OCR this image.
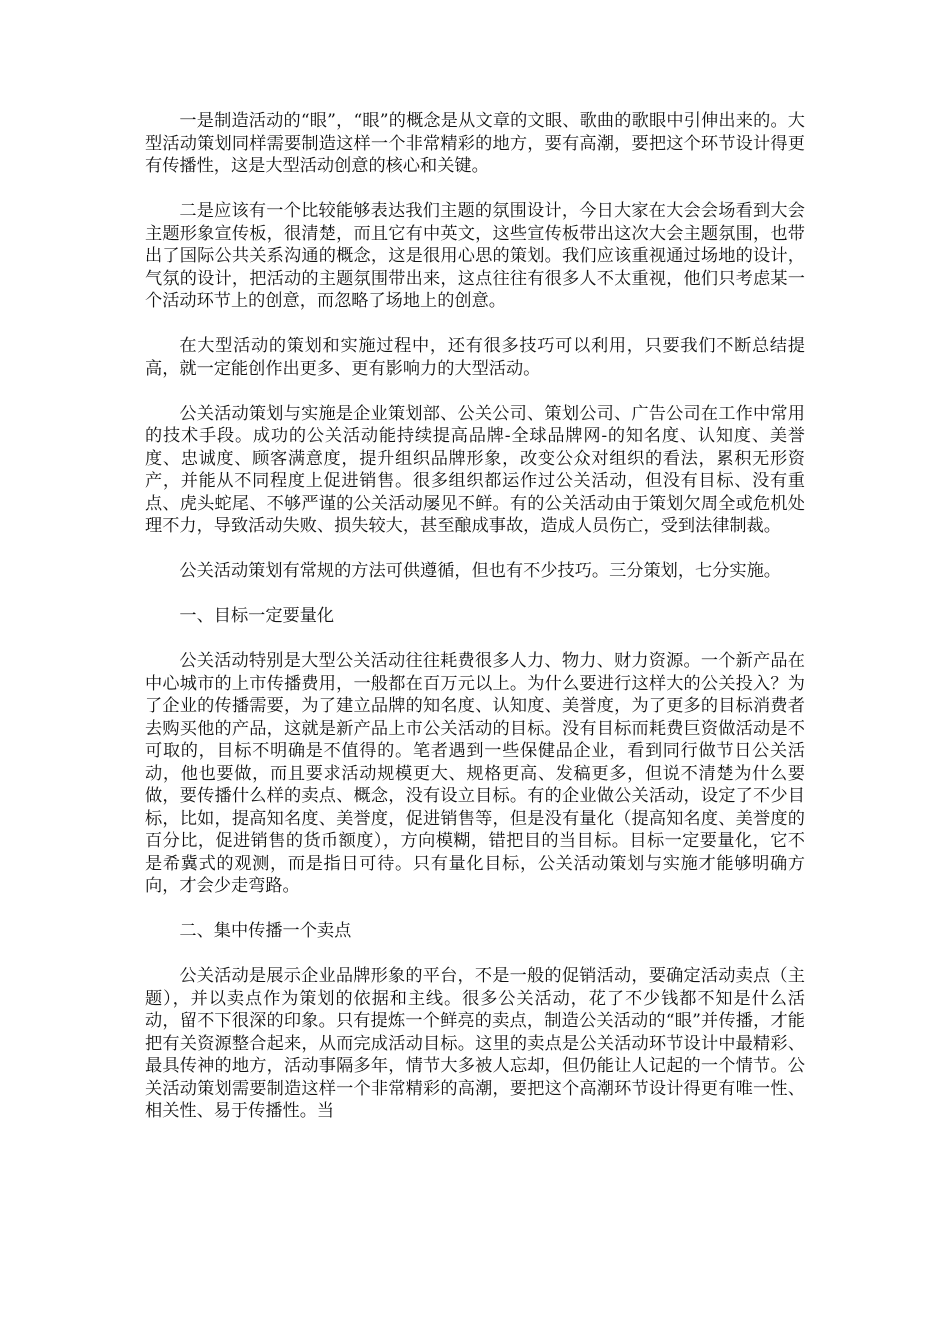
一是制造活动的“眼”，“眼”的概念是从文章的文眼、歌曲的歌眼中引伸出来的。大型活动策划同样需要制造这样一个非常精彩的地方，要有高潮，要把这个环节设计得更有传播性，这是大型活动创意的核心和关键。

二是应该有一个比较能够表达我们主题的氛围设计，今日大家在大会会场看到大会主题形象宣传板，很清楚，而且它有中英文，这些宣传板带出这次大会主题氛围，也带出了国际公共关系沟通的概念，这是很用心思的策划。我们应该重视通过场地的设计，气氛的设计，把活动的主题氛围带出来，这点往往有很多人不太重视，他们只考虑某一个活动环节上的创意，而忽略了场地上的创意。

在大型活动的策划和实施过程中，还有很多技巧可以利用，只要我们不断总结提高，就一定能创作出更多、更有影响力的大型活动。

公关活动策划与实施是企业策划部、公关公司、策划公司、广告公司在工作中常用的技术手段。成功的公关活动能持续提高品牌-全球品牌网-的知名度、认知度、美誉度、忠诚度、顾客满意度，提升组织品牌形象，改变公众对组织的看法，累积无形资产，并能从不同程度上促进销售。很多组织都运作过公关活动，但没有目标、没有重点、虎头蛇尾、不够严谨的公关活动屡见不鲜。有的公关活动由于策划欠周全或危机处理不力，导致活动失败、损失较大，甚至酿成事故，造成人员伤亡，受到法律制裁。

公关活动策划有常规的方法可供遵循，但也有不少技巧。三分策划，七分实施。

一、目标一定要量化

公关活动特别是大型公关活动往往耗费很多人力、物力、财力资源。一个新产品在中心城市的上市传播费用，一般都在百万元以上。为什么要进行这样大的公关投入？为了企业的传播需要，为了建立品牌的知名度、认知度、美誉度，为了更多的目标消费者去购买他的产品，这就是新产品上市公关活动的目标。没有目标而耗费巨资做活动是不可取的，目标不明确是不值得的。笔者遇到一些保健品企业，看到同行做节日公关活动，他也要做，而且要求活动规模更大、规格更高、发稿更多，但说不清楚为什么要做，要传播什么样的卖点、概念，没有设立目标。有的企业做公关活动，设定了不少目标，比如，提高知名度、美誉度，促进销售等，但是没有量化（提高知名度、美誉度的百分比，促进销售的货币额度），方向模糊，错把目的当目标。目标一定要量化，它不是希冀式的观测，而是指日可待。只有量化目标，公关活动策划与实施才能够明确方向，才会少走弯路。

二、集中传播一个卖点

公关活动是展示企业品牌形象的平台，不是一般的促销活动，要确定活动卖点（主题），并以卖点作为策划的依据和主线。很多公关活动，花了不少钱都不知是什么活动，留不下很深的印象。只有提炼一个鲜亮的卖点，制造公关活动的“眼”并传播，才能把有关资源整合起来，从而完成活动目标。这里的卖点是公关活动环节设计中最精彩、最具传神的地方，活动事隔多年，情节大多被人忘却，但仍能让人记起的一个情节。公关活动策划需要制造这样一个非常精彩的高潮，要把这个高潮环节设计得更有唯一性、相关性、易于传播性。当
